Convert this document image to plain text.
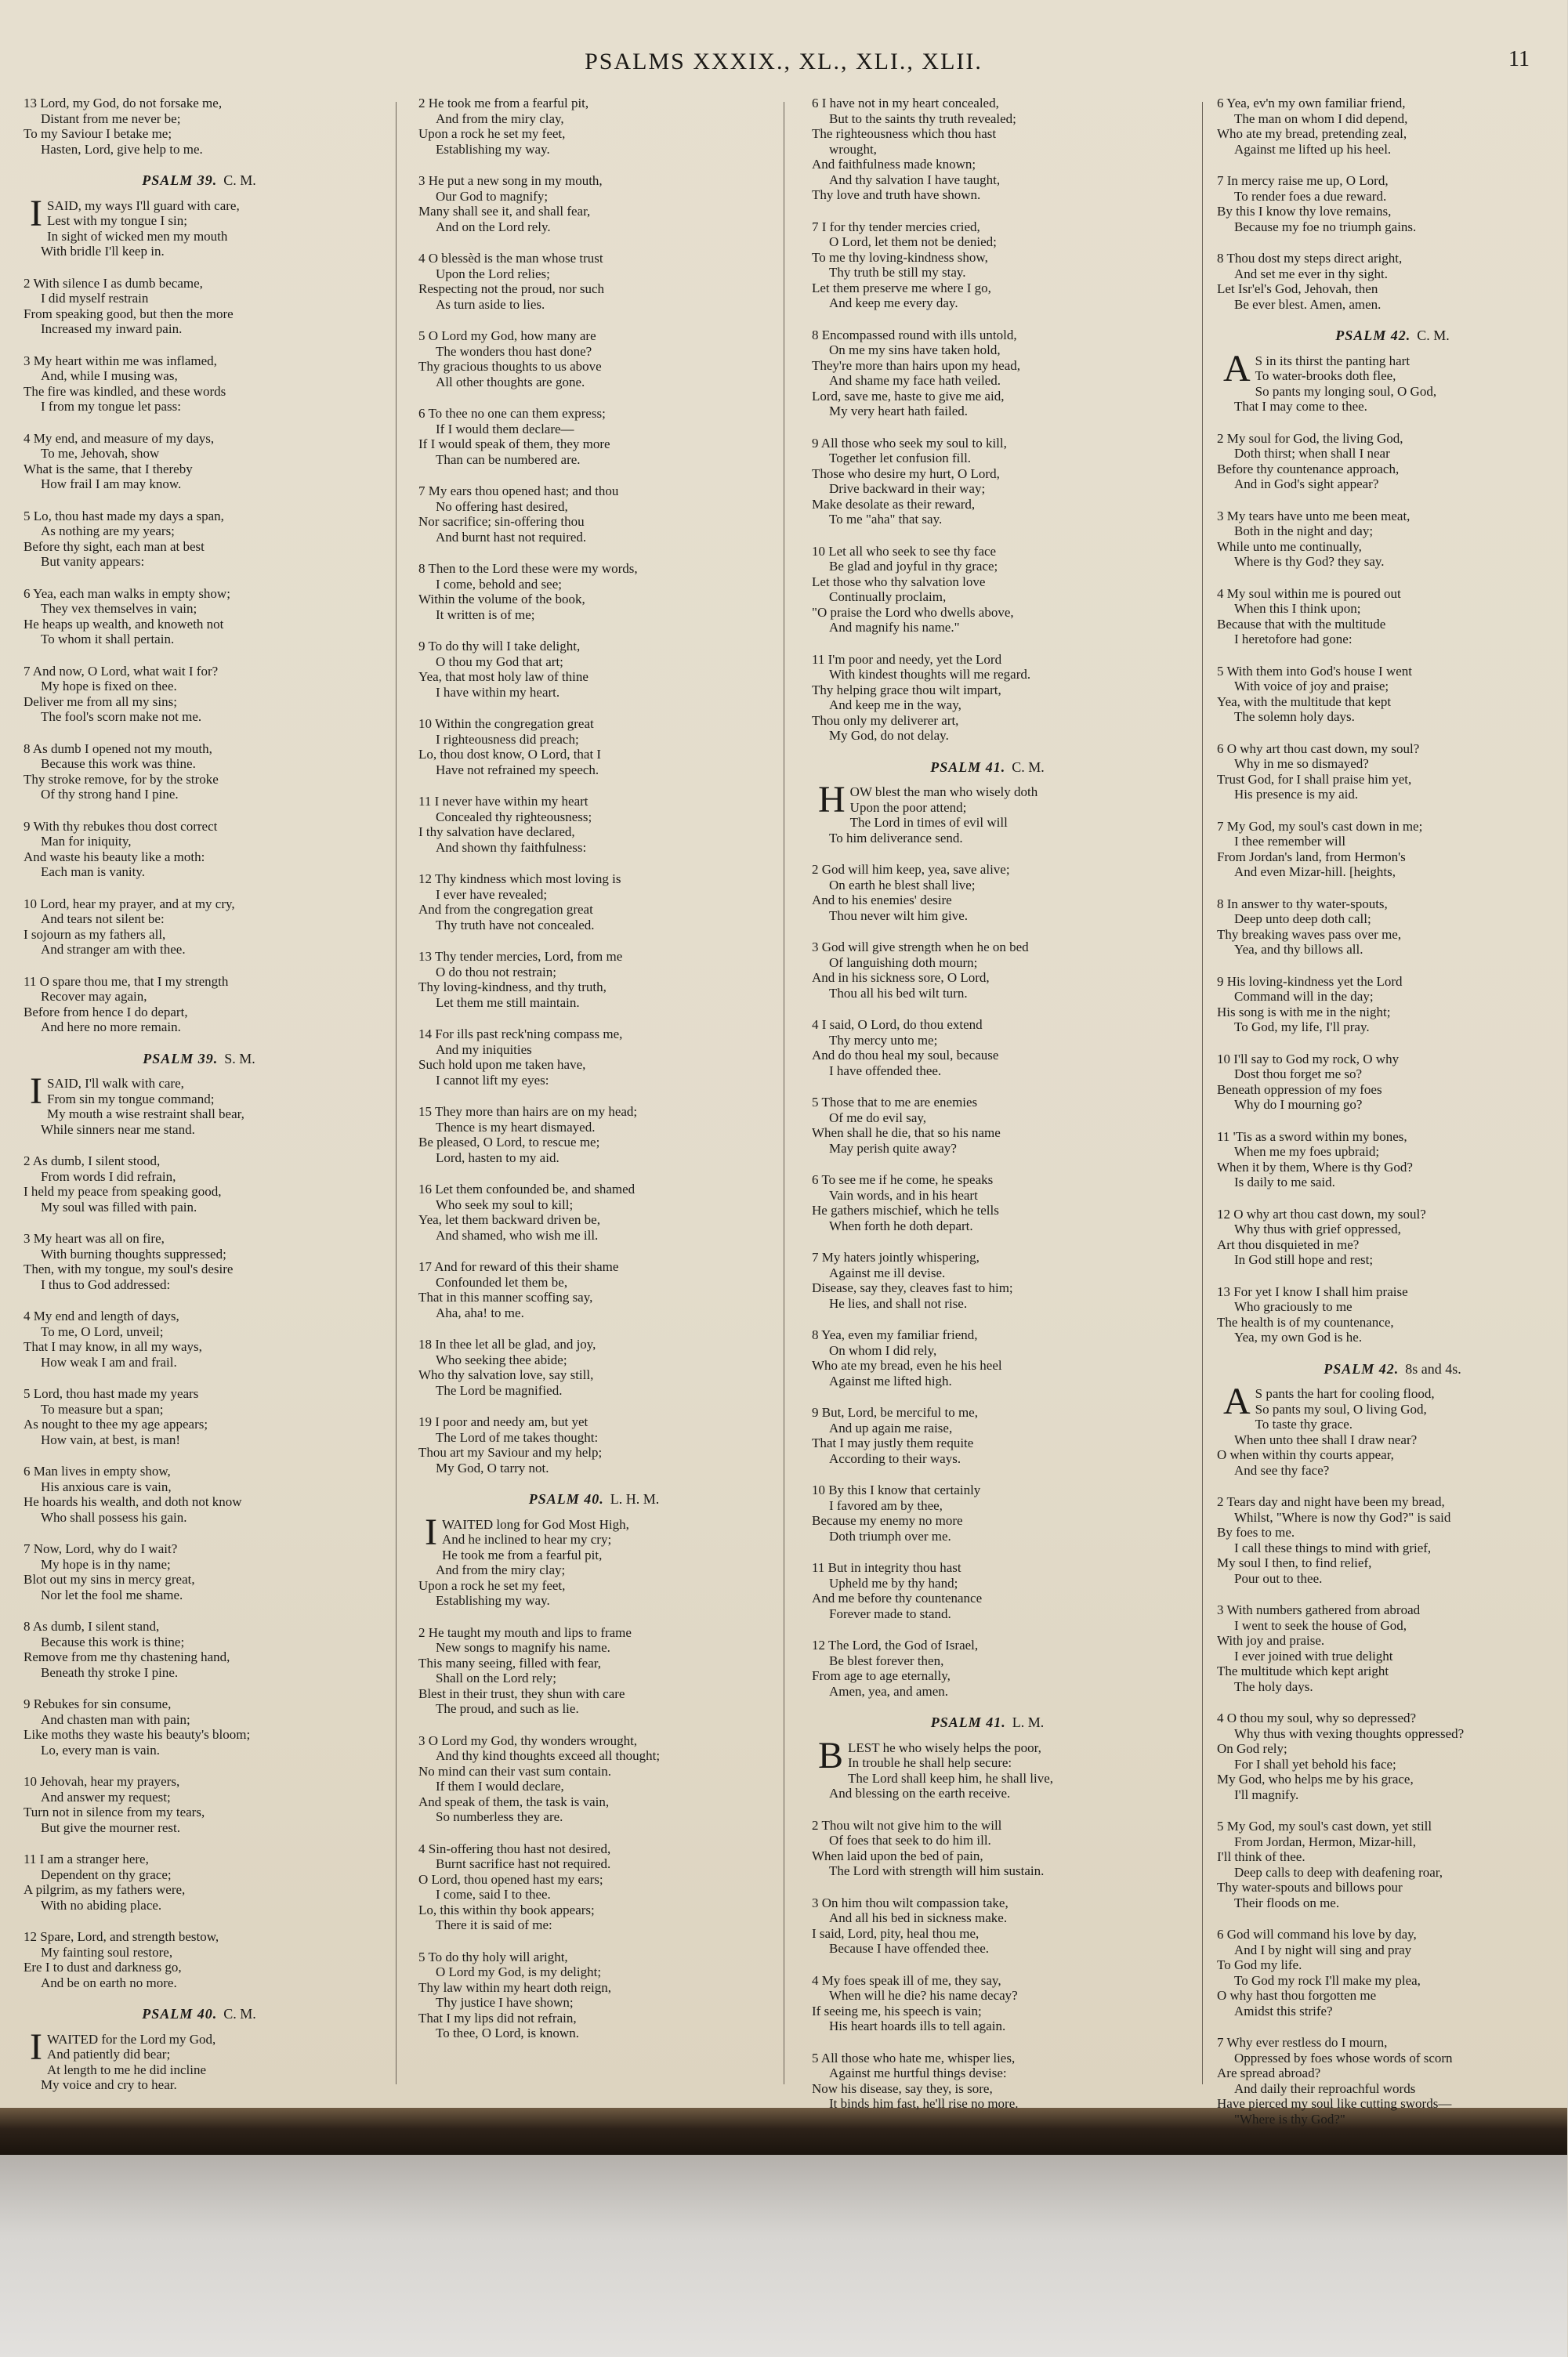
PSALMS XXXIX., XL., XLI., XLII.	11
13 Lord, my God, do not forsake me,
Distant from me never be;
To my Saviour I betake me;
Hasten, Lord, give help to me.
PSALM 39. C. M.
I SAID, my ways I'll guard with care,
Lest with my tongue I sin;
In sight of wicked men my mouth
With bridle I'll keep in.
2 With silence I as dumb became,
I did myself restrain
From speaking good, but then the more
Increased my inward pain.
3 My heart within me was inflamed,
And, while I musing was,
The fire was kindled, and these words
I from my tongue let pass:
4 My end, and measure of my days,
To me, Jehovah, show
What is the same, that I thereby
How frail I am may know.
5 Lo, thou hast made my days a span,
As nothing are my years;
Before thy sight, each man at best
But vanity appears:
6 Yea, each man walks in empty show;
They vex themselves in vain;
He heaps up wealth, and knoweth not
To whom it shall pertain.
7 And now, O Lord, what wait I for?
My hope is fixed on thee.
Deliver me from all my sins;
The fool's scorn make not me.
8 As dumb I opened not my mouth,
Because this work was thine.
Thy stroke remove, for by the stroke
Of thy strong hand I pine.
9 With thy rebukes thou dost correct
Man for iniquity,
And waste his beauty like a moth:
Each man is vanity.
10 Lord, hear my prayer, and at my cry,
And tears not silent be:
I sojourn as my fathers all,
And stranger am with thee.
11 O spare thou me, that I my strength
Recover may again,
Before from hence I do depart,
And here no more remain.
PSALM 39. S. M.
I SAID, I'll walk with care,
From sin my tongue command;
My mouth a wise restraint shall bear,
While sinners near me stand.
2 As dumb, I silent stood,
From words I did refrain,
I held my peace from speaking good,
My soul was filled with pain.
3 My heart was all on fire,
With burning thoughts suppressed;
Then, with my tongue, my soul's desire
I thus to God addressed:
4 My end and length of days,
To me, O Lord, unveil;
That I may know, in all my ways,
How weak I am and frail.
5 Lord, thou hast made my years
To measure but a span;
As nought to thee my age appears;
How vain, at best, is man!
6 Man lives in empty show,
His anxious care is vain,
He hoards his wealth, and doth not know
Who shall possess his gain.
7 Now, Lord, why do I wait?
My hope is in thy name;
Blot out my sins in mercy great,
Nor let the fool me shame.
8 As dumb, I silent stand,
Because this work is thine;
Remove from me thy chastening hand,
Beneath thy stroke I pine.
9 Rebukes for sin consume,
And chasten man with pain;
Like moths they waste his beauty's bloom;
Lo, every man is vain.
10 Jehovah, hear my prayers,
And answer my request;
Turn not in silence from my tears,
But give the mourner rest.
11 I am a stranger here,
Dependent on thy grace;
A pilgrim, as my fathers were,
With no abiding place.
12 Spare, Lord, and strength bestow,
My fainting soul restore,
Ere I to dust and darkness go,
And be on earth no more.
PSALM 40. C. M.
I WAITED for the Lord my God,
And patiently did bear;
At length to me he did incline
My voice and cry to hear.
2 He took me from a fearful pit,
And from the miry clay,
Upon a rock he set my feet,
Establishing my way.
3 He put a new song in my mouth,
Our God to magnify;
Many shall see it, and shall fear,
And on the Lord rely.
4 O blessèd is the man whose trust
Upon the Lord relies;
Respecting not the proud, nor such
As turn aside to lies.
5 O Lord my God, how many are
The wonders thou hast done?
Thy gracious thoughts to us above
All other thoughts are gone.
6 To thee no one can them express;
If I would them declare—
If I would speak of them, they more
Than can be numbered are.
7 My ears thou opened hast; and thou
No offering hast desired,
Nor sacrifice; sin-offering thou
And burnt hast not required.
8 Then to the Lord these were my words,
I come, behold and see;
Within the volume of the book,
It written is of me;
9 To do thy will I take delight,
O thou my God that art;
Yea, that most holy law of thine
I have within my heart.
10 Within the congregation great
I righteousness did preach;
Lo, thou dost know, O Lord, that I
Have not refrained my speech.
11 I never have within my heart
Concealed thy righteousness;
I thy salvation have declared,
And shown thy faithfulness:
12 Thy kindness which most loving is
I ever have revealed;
And from the congregation great
Thy truth have not concealed.
13 Thy tender mercies, Lord, from me
O do thou not restrain;
Thy loving-kindness, and thy truth,
Let them me still maintain.
14 For ills past reck'ning compass me,
And my iniquities
Such hold upon me taken have,
I cannot lift my eyes:
15 They more than hairs are on my head;
Thence is my heart dismayed.
Be pleased, O Lord, to rescue me;
Lord, hasten to my aid.
16 Let them confounded be, and shamed
Who seek my soul to kill;
Yea, let them backward driven be,
And shamed, who wish me ill.
17 And for reward of this their shame
Confounded let them be,
That in this manner scoffing say,
Aha, aha! to me.
18 In thee let all be glad, and joy,
Who seeking thee abide;
Who thy salvation love, say still,
The Lord be magnified.
19 I poor and needy am, but yet
The Lord of me takes thought:
Thou art my Saviour and my help;
My God, O tarry not.
PSALM 40. L. H. M.
I WAITED long for God Most High,
And he inclined to hear my cry;
He took me from a fearful pit,
And from the miry clay;
Upon a rock he set my feet,
Establishing my way.
2 He taught my mouth and lips to frame
New songs to magnify his name.
This many seeing, filled with fear,
Shall on the Lord rely;
Blest in their trust, they shun with care
The proud, and such as lie.
3 O Lord my God, thy wonders wrought,
And thy kind thoughts exceed all thought;
No mind can their vast sum contain.
If them I would declare,
And speak of them, the task is vain,
So numberless they are.
4 Sin-offering thou hast not desired,
Burnt sacrifice hast not required.
O Lord, thou opened hast my ears;
I come, said I to thee.
Lo, this within thy book appears;
There it is said of me:
5 To do thy holy will aright,
O Lord my God, is my delight;
Thy law within my heart doth reign,
Thy justice I have shown;
That I my lips did not refrain,
To thee, O Lord, is known.
6 I have not in my heart concealed,
But to the saints thy truth revealed;
The righteousness which thou hast
wrought,
And faithfulness made known;
And thy salvation I have taught,
Thy love and truth have shown.
7 I for thy tender mercies cried,
O Lord, let them not be denied;
To me thy loving-kindness show,
Thy truth be still my stay.
Let them preserve me where I go,
And keep me every day.
8 Encompassed round with ills untold,
On me my sins have taken hold,
They're more than hairs upon my head,
And shame my face hath veiled.
Lord, save me, haste to give me aid,
My very heart hath failed.
9 All those who seek my soul to kill,
Together let confusion fill.
Those who desire my hurt, O Lord,
Drive backward in their way;
Make desolate as their reward,
To me "aha" that say.
10 Let all who seek to see thy face
Be glad and joyful in thy grace;
Let those who thy salvation love
Continually proclaim,
"O praise the Lord who dwells above,
And magnify his name."
11 I'm poor and needy, yet the Lord
With kindest thoughts will me regard.
Thy helping grace thou wilt impart,
And keep me in the way,
Thou only my deliverer art,
My God, do not delay.
PSALM 41. C. M.
H OW blest the man who wisely doth
Upon the poor attend;
The Lord in times of evil will
To him deliverance send.
2 God will him keep, yea, save alive;
On earth he blest shall live;
And to his enemies' desire
Thou never wilt him give.
3 God will give strength when he on bed
Of languishing doth mourn;
And in his sickness sore, O Lord,
Thou all his bed wilt turn.
4 I said, O Lord, do thou extend
Thy mercy unto me;
And do thou heal my soul, because
I have offended thee.
5 Those that to me are enemies
Of me do evil say,
When shall he die, that so his name
May perish quite away?
6 To see me if he come, he speaks
Vain words, and in his heart
He gathers mischief, which he tells
When forth he doth depart.
7 My haters jointly whispering,
Against me ill devise.
Disease, say they, cleaves fast to him;
He lies, and shall not rise.
8 Yea, even my familiar friend,
On whom I did rely,
Who ate my bread, even he his heel
Against me lifted high.
9 But, Lord, be merciful to me,
And up again me raise,
That I may justly them requite
According to their ways.
10 By this I know that certainly
I favored am by thee,
Because my enemy no more
Doth triumph over me.
11 But in integrity thou hast
Upheld me by thy hand;
And me before thy countenance
Forever made to stand.
12 The Lord, the God of Israel,
Be blest forever then,
From age to age eternally,
Amen, yea, and amen.
PSALM 41. L. M.
B LEST he who wisely helps the poor,
In trouble he shall help secure:
The Lord shall keep him, he shall live,
And blessing on the earth receive.
2 Thou wilt not give him to the will
Of foes that seek to do him ill.
When laid upon the bed of pain,
The Lord with strength will him sustain.
3 On him thou wilt compassion take,
And all his bed in sickness make.
I said, Lord, pity, heal thou me,
Because I have offended thee.
4 My foes speak ill of me, they say,
When will he die? his name decay?
If seeing me, his speech is vain;
His heart hoards ills to tell again.
5 All those who hate me, whisper lies,
Against me hurtful things devise:
Now his disease, say they, is sore,
It binds him fast, he'll rise no more.
6 Yea, ev'n my own familiar friend,
The man on whom I did depend,
Who ate my bread, pretending zeal,
Against me lifted up his heel.
7 In mercy raise me up, O Lord,
To render foes a due reward.
By this I know thy love remains,
Because my foe no triumph gains.
8 Thou dost my steps direct aright,
And set me ever in thy sight.
Let Isr'el's God, Jehovah, then
Be ever blest. Amen, amen.
PSALM 42. C. M.
A S in its thirst the panting hart
To water-brooks doth flee,
So pants my longing soul, O God,
That I may come to thee.
2 My soul for God, the living God,
Doth thirst; when shall I near
Before thy countenance approach,
And in God's sight appear?
3 My tears have unto me been meat,
Both in the night and day;
While unto me continually,
Where is thy God? they say.
4 My soul within me is poured out
When this I think upon;
Because that with the multitude
I heretofore had gone:
5 With them into God's house I went
With voice of joy and praise;
Yea, with the multitude that kept
The solemn holy days.
6 O why art thou cast down, my soul?
Why in me so dismayed?
Trust God, for I shall praise him yet,
His presence is my aid.
7 My God, my soul's cast down in me;
I thee remember will
From Jordan's land, from Hermon's
And even Mizar-hill. [heights,
8 In answer to thy water-spouts,
Deep unto deep doth call;
Thy breaking waves pass over me,
Yea, and thy billows all.
9 His loving-kindness yet the Lord
Command will in the day;
His song is with me in the night;
To God, my life, I'll pray.
10 I'll say to God my rock, O why
Dost thou forget me so?
Beneath oppression of my foes
Why do I mourning go?
11 'Tis as a sword within my bones,
When me my foes upbraid;
When it by them, Where is thy God?
Is daily to me said.
12 O why art thou cast down, my soul?
Why thus with grief oppressed,
Art thou disquieted in me?
In God still hope and rest;
13 For yet I know I shall him praise
Who graciously to me
The health is of my countenance,
Yea, my own God is he.
PSALM 42. 8s and 4s.
A S pants the hart for cooling flood,
So pants my soul, O living God,
To taste thy grace.
When unto thee shall I draw near?
O when within thy courts appear,
And see thy face?
2 Tears day and night have been my bread,
Whilst, "Where is now thy God?" is said
By foes to me.
I call these things to mind with grief,
My soul I then, to find relief,
Pour out to thee.
3 With numbers gathered from abroad
I went to seek the house of God,
With joy and praise.
I ever joined with true delight
The multitude which kept aright
The holy days.
4 O thou my soul, why so depressed?
Why thus with vexing thoughts oppressed?
On God rely;
For I shall yet behold his face;
My God, who helps me by his grace,
I'll magnify.
5 My God, my soul's cast down, yet still
From Jordan, Hermon, Mizar-hill,
I'll think of thee.
Deep calls to deep with deafening roar,
Thy water-spouts and billows pour
Their floods on me.
6 God will command his love by day,
And I by night will sing and pray
To God my life.
To God my rock I'll make my plea,
O why hast thou forgotten me
Amidst this strife?
7 Why ever restless do I mourn,
Oppressed by foes whose words of scorn
Are spread abroad?
And daily their reproachful words
Have pierced my soul like cutting swords—
"Where is thy God?"
